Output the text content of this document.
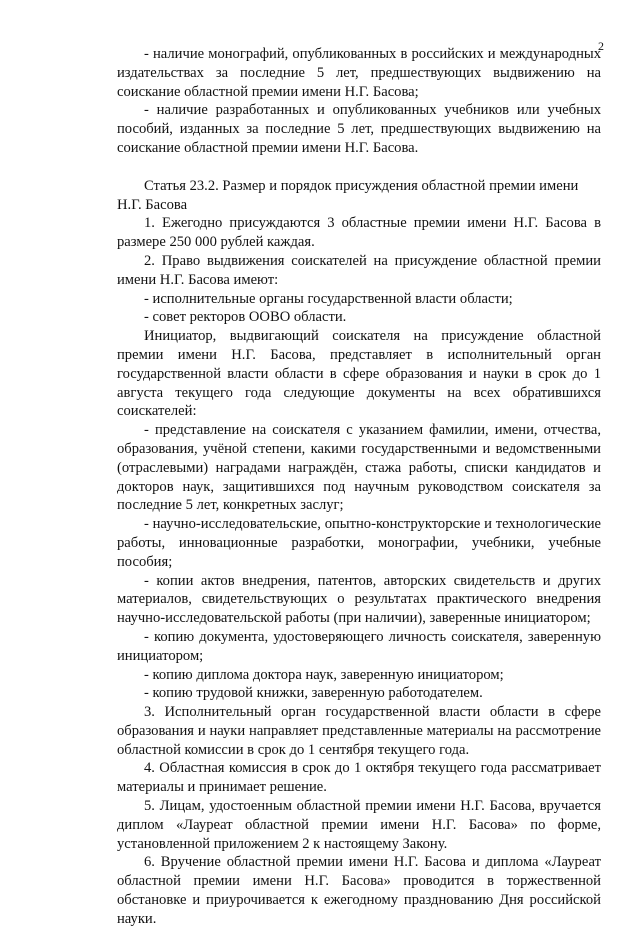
2

- наличие монографий, опубликованных в российских и международных издательствах за последние 5 лет, предшествующих выдвижению на соискание областной премии имени Н.Г. Басова;

- наличие разработанных и опубликованных учебников или учебных пособий, изданных за последние 5 лет, предшествующих выдвижению на соискание областной премии имени Н.Г. Басова.

Статья 23.2. Размер и порядок присуждения областной премии имени Н.Г. Басова

1. Ежегодно присуждаются 3 областные премии имени Н.Г. Басова в размере 250 000 рублей каждая.

2. Право выдвижения соискателей на присуждение областной премии имени Н.Г. Басова имеют:

- исполнительные органы государственной власти области;

- совет ректоров ООВО области.

Инициатор, выдвигающий соискателя на присуждение областной премии имени Н.Г. Басова, представляет в исполнительный орган государственной власти области в сфере образования и науки в срок до 1 августа текущего года следующие документы на всех обратившихся соискателей:

- представление на соискателя с указанием фамилии, имени, отчества, образования, учёной степени, какими государственными и ведомственными (отраслевыми) наградами награждён, стажа работы, списки кандидатов и докторов наук, защитившихся под научным руководством соискателя за последние 5 лет, конкретных заслуг;

- научно-исследовательские, опытно-конструкторские и технологические работы, инновационные разработки, монографии, учебники, учебные пособия;

- копии актов внедрения, патентов, авторских свидетельств и других материалов, свидетельствующих о результатах практического внедрения научно-исследовательской работы (при наличии), заверенные инициатором;

- копию документа, удостоверяющего личность соискателя, заверенную инициатором;

- копию диплома доктора наук, заверенную инициатором;

- копию трудовой книжки, заверенную работодателем.

3. Исполнительный орган государственной власти области в сфере образования и науки направляет представленные материалы на рассмотрение областной комиссии в срок до 1 сентября текущего года.

4. Областная комиссия в срок до 1 октября текущего года рассматривает материалы и принимает решение.

5. Лицам, удостоенным областной премии имени Н.Г. Басова, вручается диплом «Лауреат областной премии имени Н.Г. Басова» по форме, установленной приложением 2 к настоящему Закону.

6. Вручение областной премии имени Н.Г. Басова и диплома «Лауреат областной премии имени Н.Г. Басова» проводится в торжественной обстановке и приурочивается к ежегодному празднованию Дня российской науки.
